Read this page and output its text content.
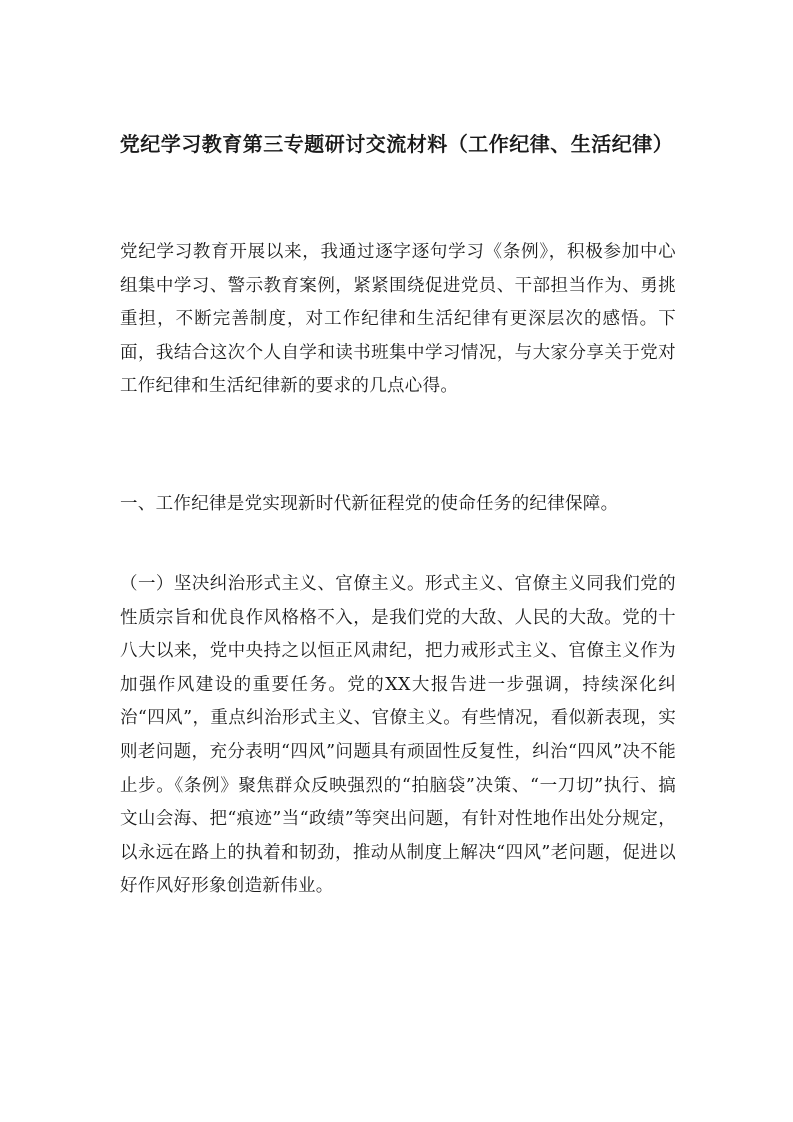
党纪学习教育第三专题研讨交流材料（工作纪律、生活纪律）

党纪学习教育开展以来，我通过逐字逐句学习《条例》，积极参加中心组集中学习、警示教育案例，紧紧围绕促进党员、干部担当作为、勇挑重担，不断完善制度，对工作纪律和生活纪律有更深层次的感悟。下面，我结合这次个人自学和读书班集中学习情况，与大家分享关于党对工作纪律和生活纪律新的要求的几点心得。

一、工作纪律是党实现新时代新征程党的使命任务的纪律保障。

（一）坚决纠治形式主义、官僚主义。形式主义、官僚主义同我们党的性质宗旨和优良作风格格不入，是我们党的大敌、人民的大敌。党的十八大以来，党中央持之以恒正风肃纪，把力戒形式主义、官僚主义作为加强作风建设的重要任务。党的XX大报告进一步强调，持续深化纠治“四风”，重点纠治形式主义、官僚主义。有些情况，看似新表现，实则老问题，充分表明“四风”问题具有顽固性反复性，纠治“四风”决不能止步。《条例》聚焦群众反映强烈的“拍脑袋”决策、“一刀切”执行、搞文山会海、把“痕迹”当“政绩”等突出问题，有针对性地作出处分规定，以永远在路上的执着和韧劲，推动从制度上解决“四风”老问题，促进以好作风好形象创造新伟业。
